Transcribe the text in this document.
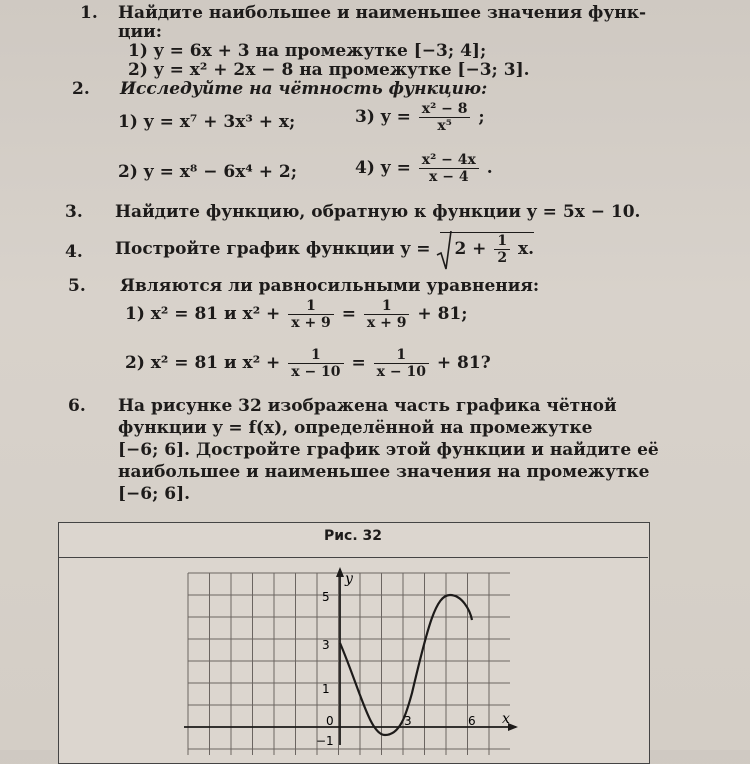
1. Найдите наибольшее и наименьшее значения функ-
ции:
1) y = 6x + 3 на промежутке [−3; 4];
2) y = x² + 2x − 8 на промежутке [−3; 3].
2. Исследуйте на чётность функцию:
1) y = x⁷ + 3x³ + x;	3) $y = \frac{\text{x² − 8}}{\text{x⁵}}$ ;
2) y = x⁸ − 6x⁴ + 2;	4) $y = \frac{\text{x² − 4x}}{x - 4}$ .
3. Найдите функцию, обратную к функции y = 5x − 10.
4. Постройте график функции $y = 2 + \frac{1}{2} x$.
5. Являются ли равносильными уравнения:
1) x² = 81 и $x^2 + \frac{1}{x + 9} = \frac{1}{x + 9} + 81$;
2) x² = 81 и $x^2 + \frac{1}{x - 10} = \frac{1}{x - 10} + 81$?
6. На рисунке 32 изображена часть графика чётной
функции y = f(x), определённой на промежутке
[−6; 6]. Достройте график этой функции и найдите её
наибольшее и наименьшее значения на промежутке
[−6; 6].
Рис. 32
y
x
0
5
3
1
−1
3	6
